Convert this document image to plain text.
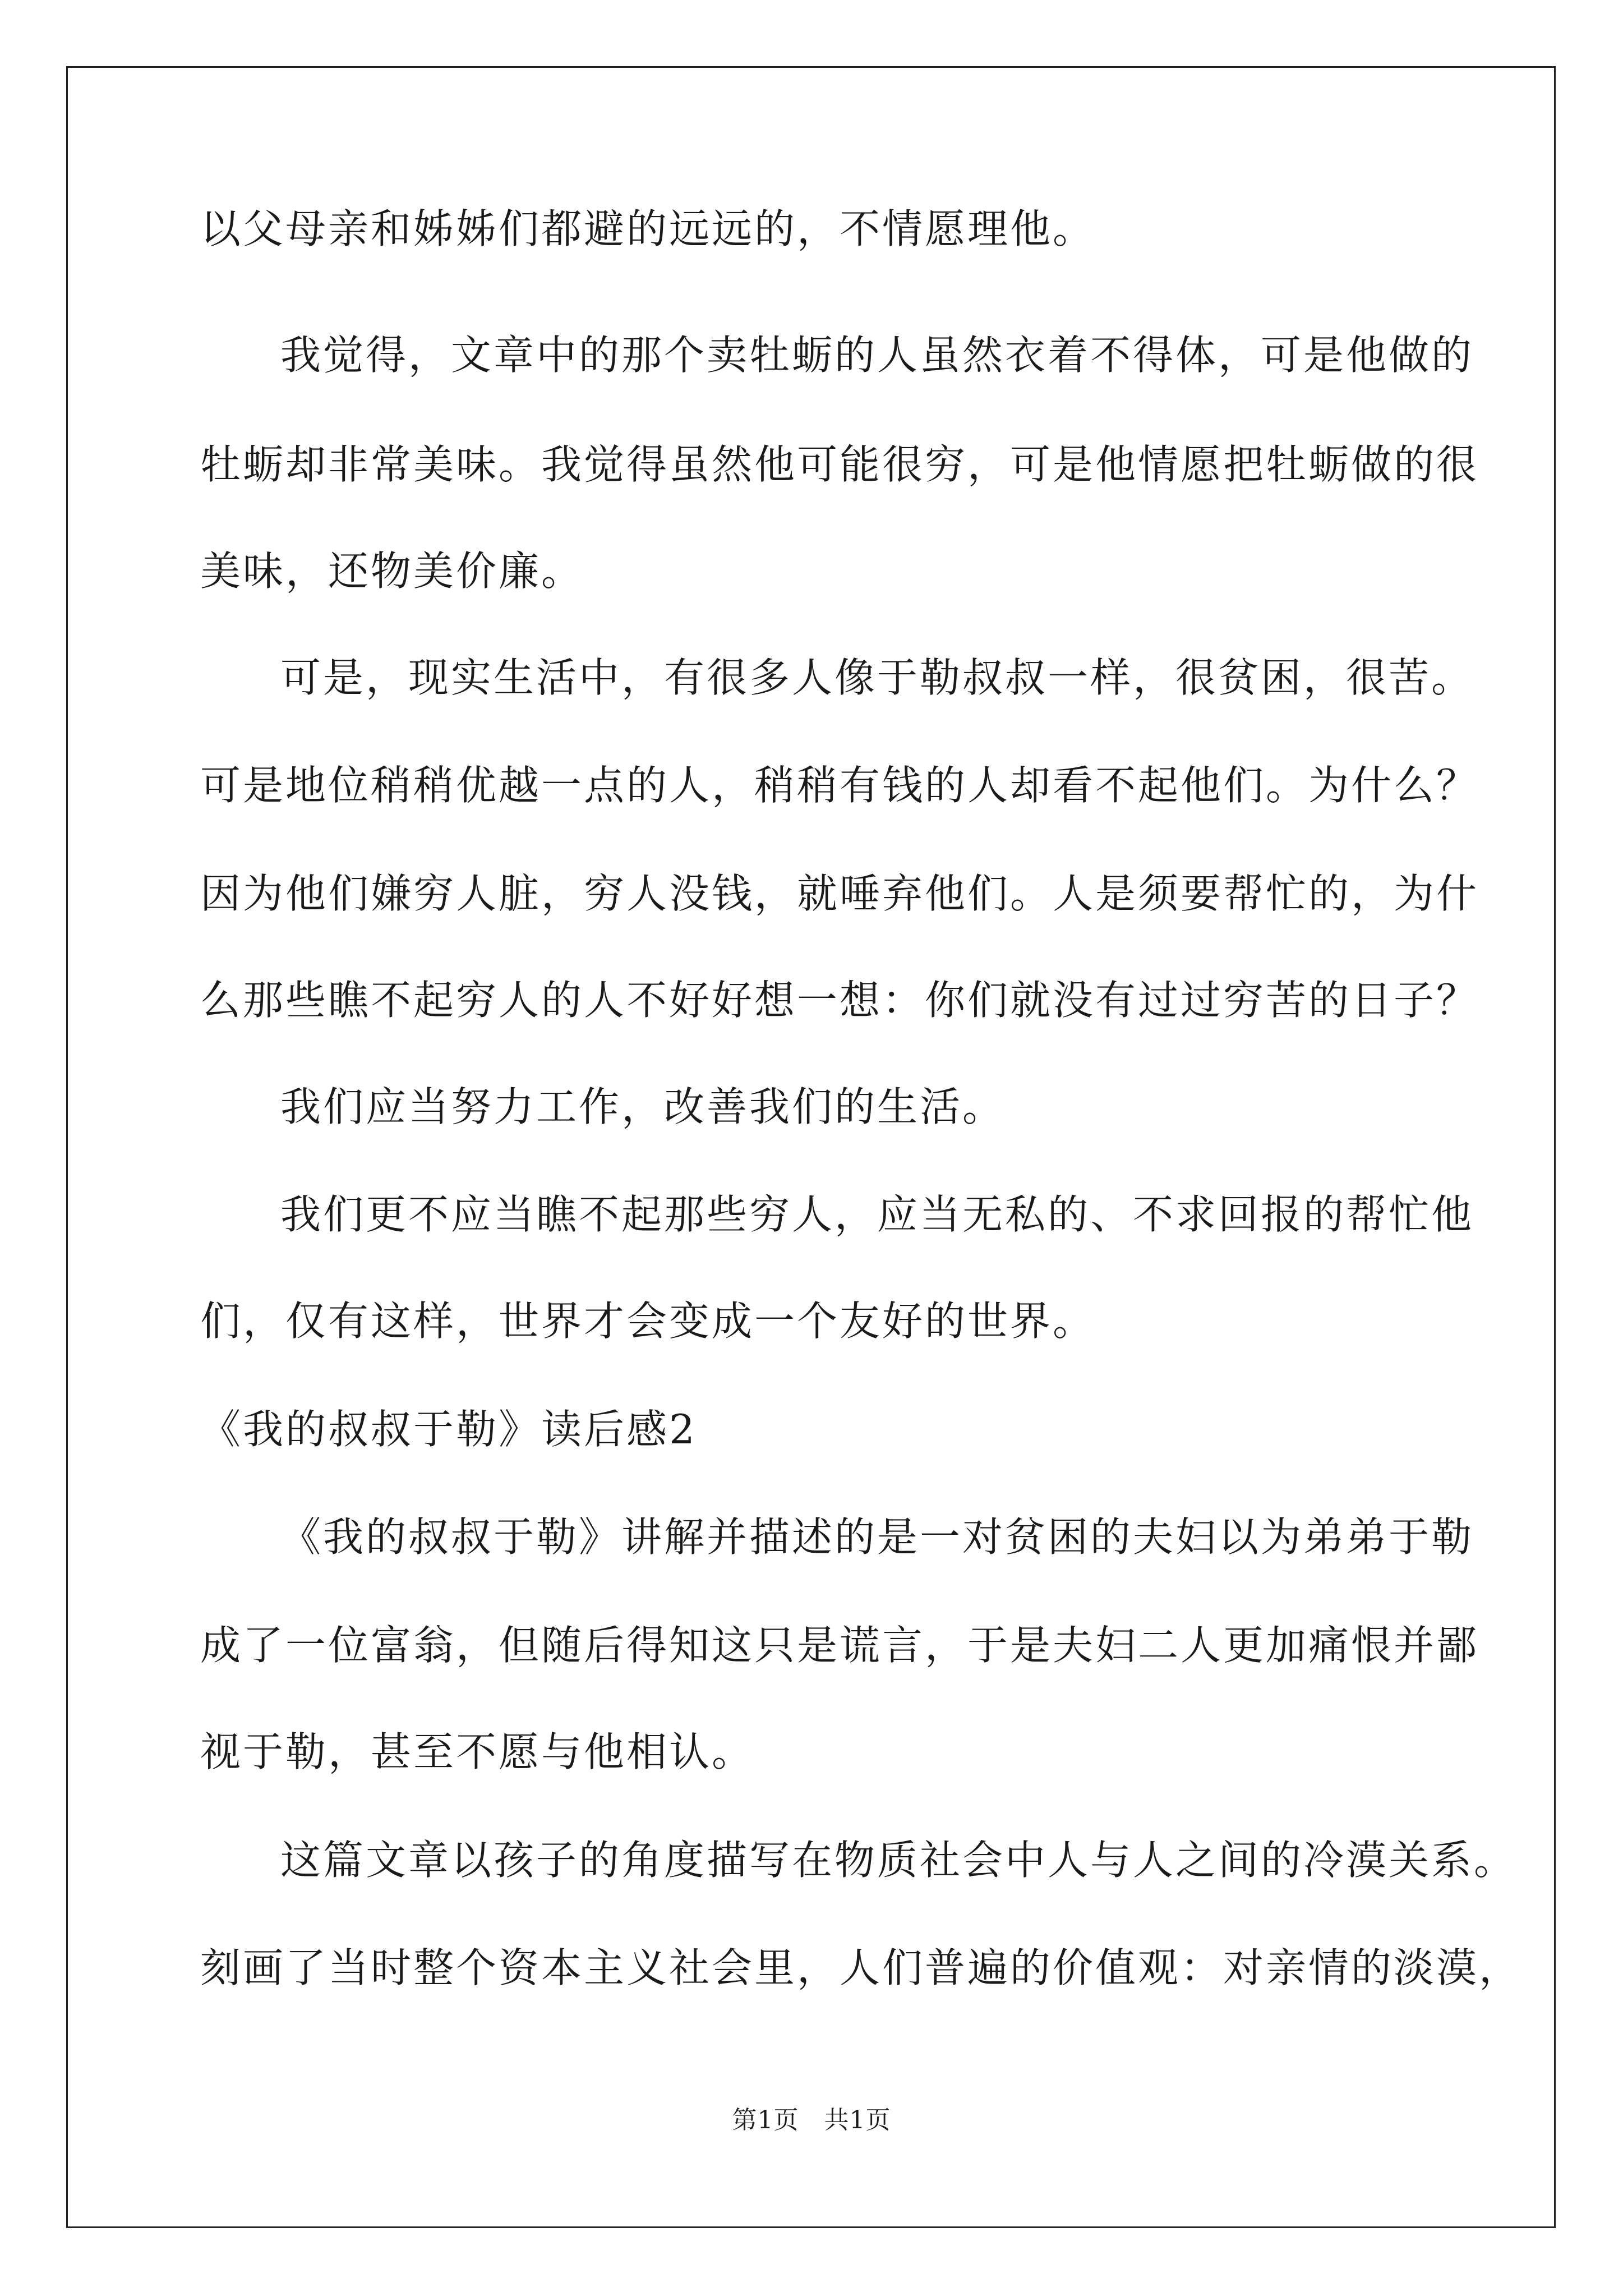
以父母亲和姊姊们都避的远远的，不情愿理他。
我觉得，文章中的那个卖牡蛎的人虽然衣着不得体，可是他做的
牡蛎却非常美味。我觉得虽然他可能很穷，可是他情愿把牡蛎做的很
美味，还物美价廉。
可是，现实生活中，有很多人像于勒叔叔一样，很贫困，很苦。
可是地位稍稍优越一点的人，稍稍有钱的人却看不起他们。为什么？
因为他们嫌穷人脏，穷人没钱，就唾弃他们。人是须要帮忙的，为什
么那些瞧不起穷人的人不好好想一想：你们就没有过过穷苦的日子？
我们应当努力工作，改善我们的生活。
我们更不应当瞧不起那些穷人，应当无私的、不求回报的帮忙他
们，仅有这样，世界才会变成一个友好的世界。
《我的叔叔于勒》读后感2
《我的叔叔于勒》讲解并描述的是一对贫困的夫妇以为弟弟于勒
成了一位富翁，但随后得知这只是谎言，于是夫妇二人更加痛恨并鄙
视于勒，甚至不愿与他相认。
这篇文章以孩子的角度描写在物质社会中人与人之间的冷漠关系。
刻画了当时整个资本主义社会里，人们普遍的价值观：对亲情的淡漠，
第1页　共1页
